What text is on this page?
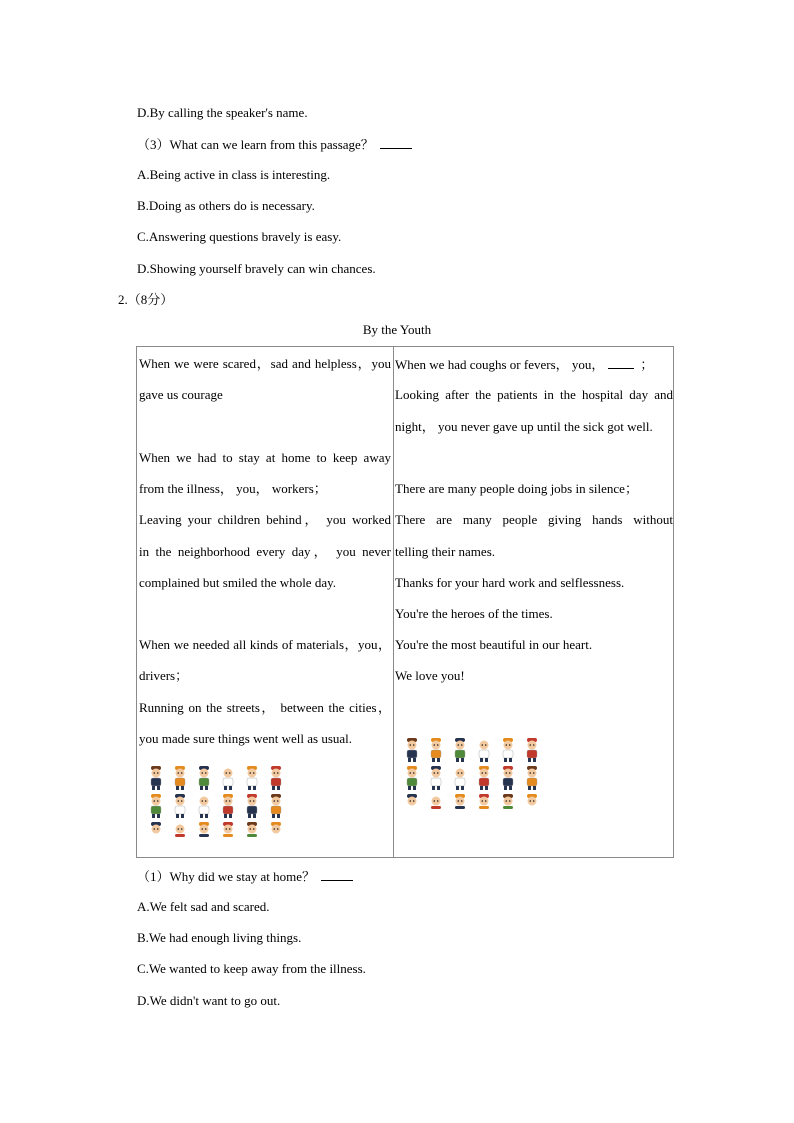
D.By calling the speaker's name.
（3）What can we learn from this passage？
A.Being active in class is interesting.
B.Doing as others do is necessary.
C.Answering questions bravely is easy.
D.Showing yourself bravely can win chances.
2.（8分）
By the Youth
When we were scared，sad and helpless，you
gave us courage
When we had to stay at home to keep away
from the illness， you， workers；
Leaving your children behind， you worked
in the neighborhood every day， you never
complained but smiled the whole day.
When we needed all kinds of materials，you，
drivers；
Running on the streets， between the cities，
you made sure things went well as usual.
When we had coughs or fevers， you，	；
Looking after the patients in the hospital day and
night， you never gave up until the sick got well.
There are many people doing jobs in silence；
There are many people giving hands without
telling their names.
Thanks for your hard work and selflessness.
You're the heroes of the times.
You're the most beautiful in our heart.
We love you!
（1）Why did we stay at home？
A.We felt sad and scared.
B.We had enough living things.
C.We wanted to keep away from the illness.
D.We didn't want to go out.
